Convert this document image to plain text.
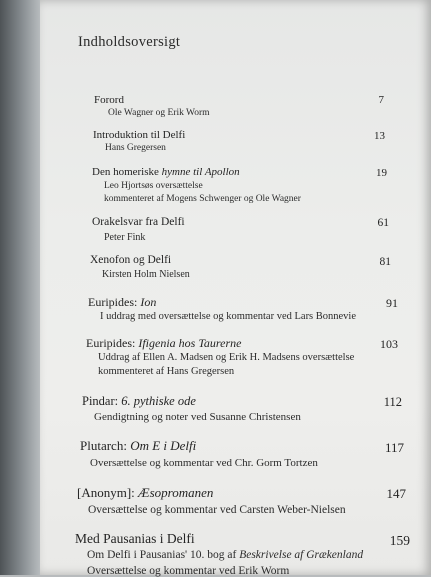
Indholdsoversigt
Forord	7
Ole Wagner og Erik Worm
Introduktion til Delfi	13
Hans Gregersen
Den homeriske hymne til Apollon	19
Leo Hjortsøs oversættelse
kommenteret af Mogens Schwenger og Ole Wagner
Orakelsvar fra Delfi	61
Peter Fink
Xenofon og Delfi	81
Kirsten Holm Nielsen
Euripides: Ion	91
I uddrag med oversættelse og kommentar ved Lars Bonnevie
Euripides: Ifigenia hos Taurerne	103
Uddrag af Ellen A. Madsen og Erik H. Madsens oversættelse
kommenteret af Hans Gregersen
Pindar: 6. pythiske ode	112
Gendigtning og noter ved Susanne Christensen
Plutarch: Om E i Delfi	117
Oversættelse og kommentar ved Chr. Gorm Tortzen
[Anonym]: Æsopromanen	147
Oversættelse og kommentar ved Carsten Weber-Nielsen
Med Pausanias i Delfi	159
Om Delfi i Pausanias' 10. bog af Beskrivelse af Grækenland
Oversættelse og kommentar ved Erik Worm
